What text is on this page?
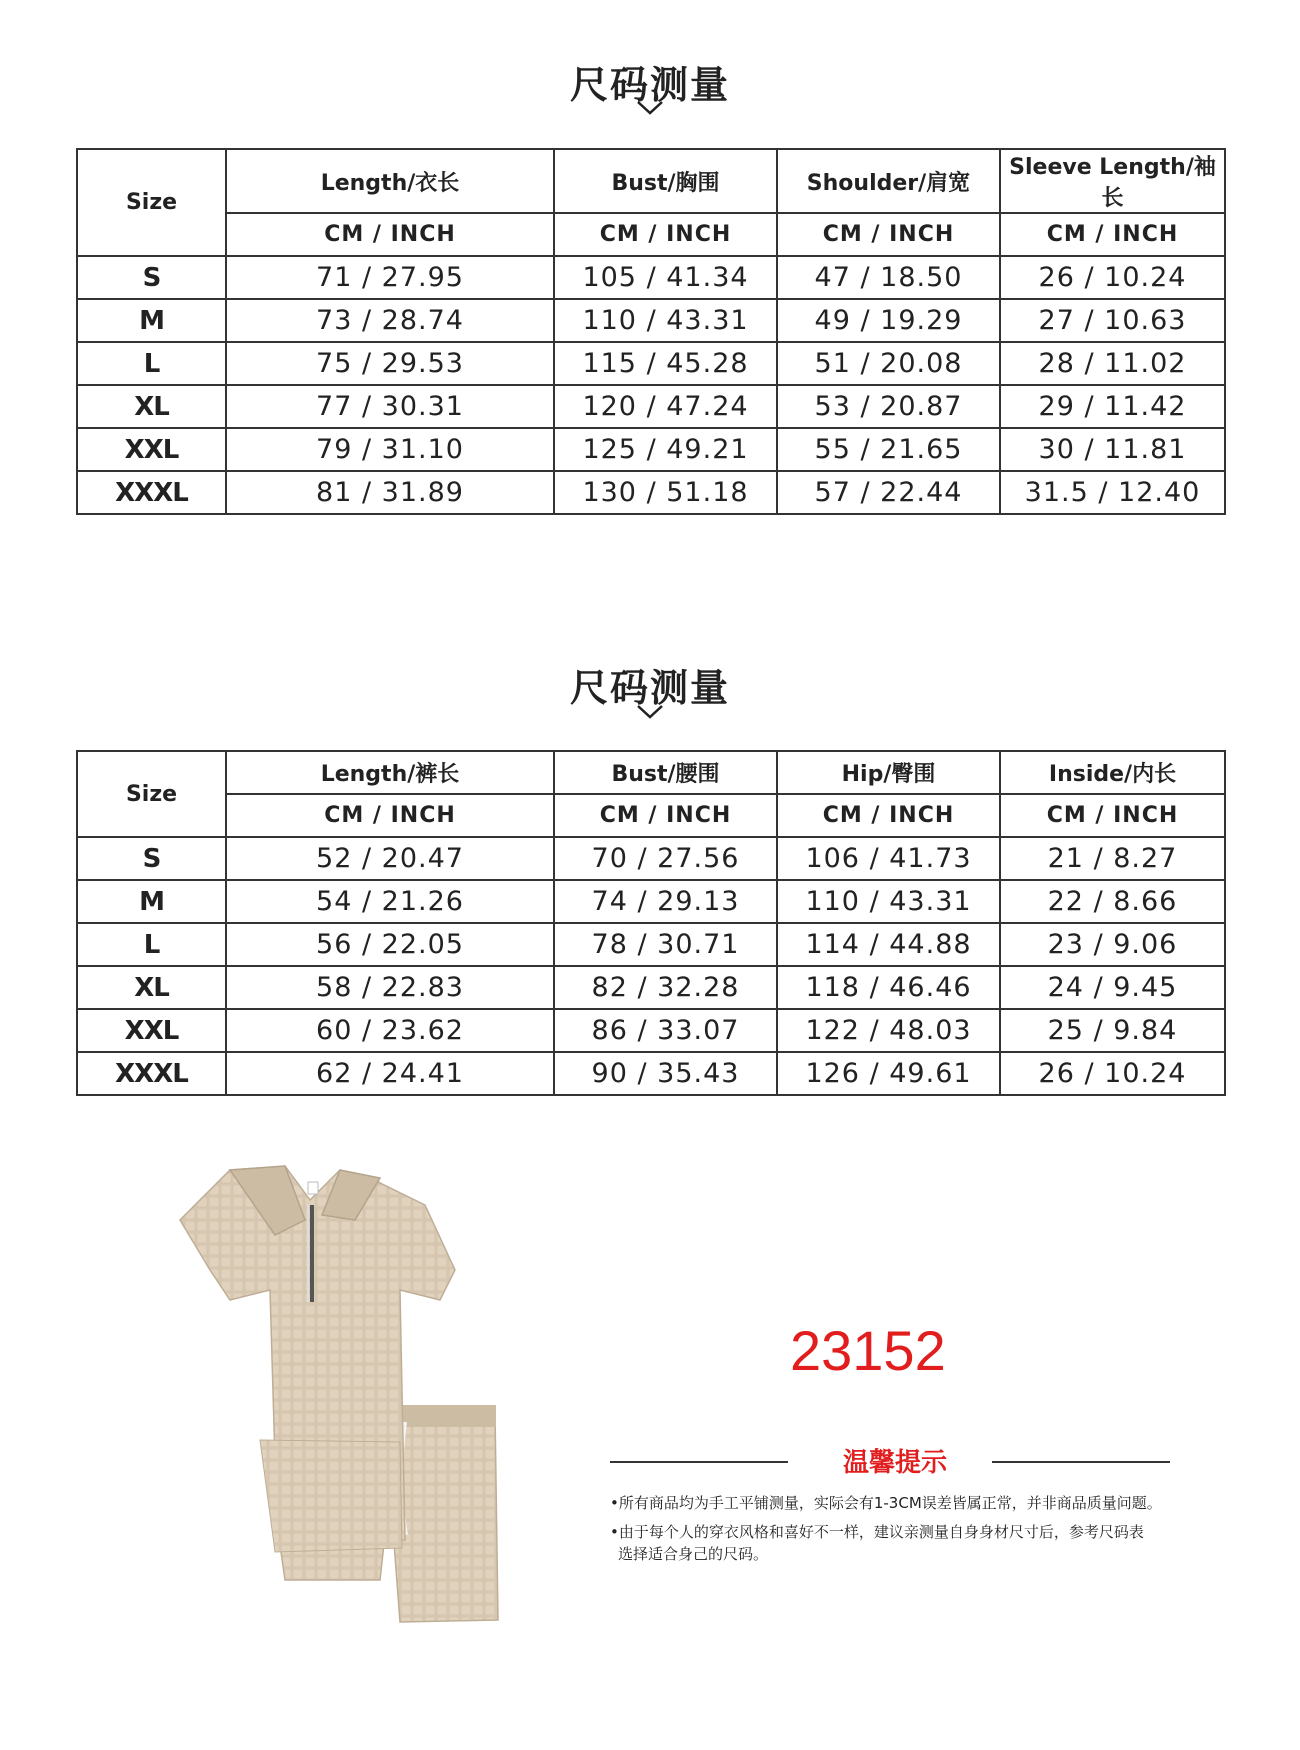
尺码测量
Size	Length/衣长	Bust/胸围	Shoulder/肩宽	Sleeve Length/袖长
	CM / INCH	CM / INCH	CM / INCH	CM / INCH
S	71 / 27.95	105 / 41.34	47 / 18.50	26 / 10.24
M	73 / 28.74	110 / 43.31	49 / 19.29	27 / 10.63
L	75 / 29.53	115 / 45.28	51 / 20.08	28 / 11.02
XL	77 / 30.31	120 / 47.24	53 / 20.87	29 / 11.42
XXL	79 / 31.10	125 / 49.21	55 / 21.65	30 / 11.81
XXXL	81 / 31.89	130 / 51.18	57 / 22.44	31.5 / 12.40
尺码测量
Size	Length/裤长	Bust/腰围	Hip/臀围	Inside/内长
	CM / INCH	CM / INCH	CM / INCH	CM / INCH
S	52 / 20.47	70 / 27.56	106 / 41.73	21 / 8.27
M	54 / 21.26	74 / 29.13	110 / 43.31	22 / 8.66
L	56 / 22.05	78 / 30.71	114 / 44.88	23 / 9.06
XL	58 / 22.83	82 / 32.28	118 / 46.46	24 / 9.45
XXL	60 / 23.62	86 / 33.07	122 / 48.03	25 / 9.84
XXXL	62 / 24.41	90 / 35.43	126 / 49.61	26 / 10.24
23152
温馨提示
•所有商品均为手工平铺测量，实际会有1-3CM误差皆属正常，并非商品质量问题。
•由于每个人的穿衣风格和喜好不一样，建议亲测量自身身材尺寸后，参考尺码表
选择适合身己的尺码。
